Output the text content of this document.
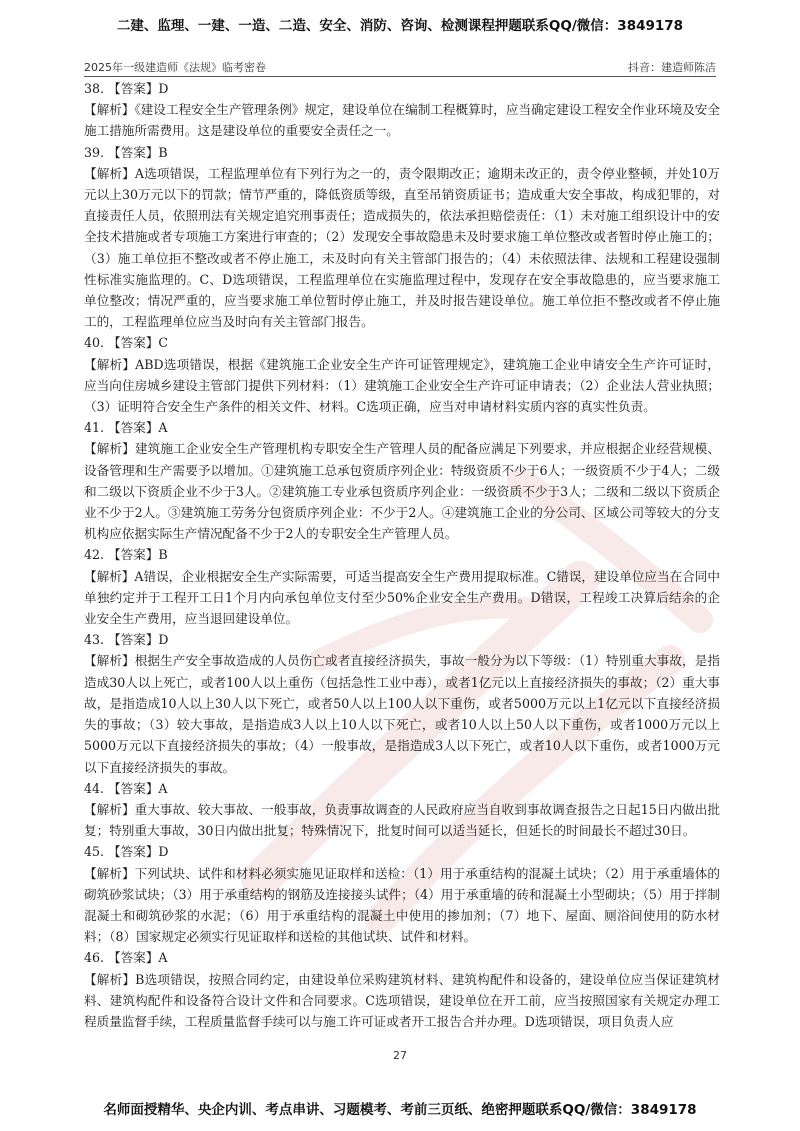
二建、监理、一建、一造、二造、安全、消防、咨询、检测课程押题联系QQ/微信：3849178
2025年一级建造师《法规》临考密卷	抖音：建造师陈洁

38. 【答案】D

【解析】《建设工程安全生产管理条例》规定，建设单位在编制工程概算时，应当确定建设工程安全作业环境及安全施工措施所需费用。这是建设单位的重要安全责任之一。

39. 【答案】B

【解析】A选项错误，工程监理单位有下列行为之一的，责令限期改正；逾期未改正的，责令停业整顿，并处10万元以上30万元以下的罚款；情节严重的，降低资质等级，直至吊销资质证书；造成重大安全事故，构成犯罪的，对直接责任人员，依照刑法有关规定追究刑事责任；造成损失的，依法承担赔偿责任：（1）未对施工组织设计中的安全技术措施或者专项施工方案进行审查的；（2）发现安全事故隐患未及时要求施工单位整改或者暂时停止施工的；（3）施工单位拒不整改或者不停止施工，未及时向有关主管部门报告的；（4）未依照法律、法规和工程建设强制性标准实施监理的。C、D选项错误，工程监理单位在实施监理过程中，发现存在安全事故隐患的，应当要求施工单位整改；情况严重的，应当要求施工单位暂时停止施工，并及时报告建设单位。施工单位拒不整改或者不停止施工的，工程监理单位应当及时向有关主管部门报告。

40. 【答案】C

【解析】ABD选项错误，根据《建筑施工企业安全生产许可证管理规定》，建筑施工企业申请安全生产许可证时，应当向住房城乡建设主管部门提供下列材料：（1）建筑施工企业安全生产许可证申请表；（2）企业法人营业执照；（3）证明符合安全生产条件的相关文件、材料。C选项正确，应当对申请材料实质内容的真实性负责。

41. 【答案】A

【解析】建筑施工企业安全生产管理机构专职安全生产管理人员的配备应满足下列要求，并应根据企业经营规模、设备管理和生产需要予以增加。①建筑施工总承包资质序列企业：特级资质不少于6人；一级资质不少于4人；二级和二级以下资质企业不少于3人。②建筑施工专业承包资质序列企业：一级资质不少于3人；二级和二级以下资质企业不少于2人。③建筑施工劳务分包资质序列企业：不少于2人。④建筑施工企业的分公司、区域公司等较大的分支机构应依据实际生产情况配备不少于2人的专职安全生产管理人员。

42. 【答案】B

【解析】A错误，企业根据安全生产实际需要，可适当提高安全生产费用提取标准。C错误，建设单位应当在合同中单独约定并于工程开工日1个月内向承包单位支付至少50%企业安全生产费用。D错误，工程竣工决算后结余的企业安全生产费用，应当退回建设单位。

43. 【答案】D

【解析】根据生产安全事故造成的人员伤亡或者直接经济损失，事故一般分为以下等级：（1）特别重大事故，是指造成30人以上死亡，或者100人以上重伤（包括急性工业中毒），或者1亿元以上直接经济损失的事故；（2）重大事故，是指造成10人以上30人以下死亡，或者50人以上100人以下重伤，或者5000万元以上1亿元以下直接经济损失的事故；（3）较大事故，是指造成3人以上10人以下死亡，或者10人以上50人以下重伤，或者1000万元以上5000万元以下直接经济损失的事故；（4）一般事故，是指造成3人以下死亡，或者10人以下重伤，或者1000万元以下直接经济损失的事故。

44. 【答案】A

【解析】重大事故、较大事故、一般事故，负责事故调查的人民政府应当自收到事故调查报告之日起15日内做出批复；特别重大事故，30日内做出批复；特殊情况下，批复时间可以适当延长，但延长的时间最长不超过30日。

45. 【答案】D

【解析】下列试块、试件和材料必须实施见证取样和送检：（1）用于承重结构的混凝土试块；（2）用于承重墙体的砌筑砂浆试块；（3）用于承重结构的钢筋及连接接头试件；（4）用于承重墙的砖和混凝土小型砌块；（5）用于拌制混凝土和砌筑砂浆的水泥；（6）用于承重结构的混凝土中使用的掺加剂；（7）地下、屋面、厕浴间使用的防水材料；（8）国家规定必须实行见证取样和送检的其他试块、试件和材料。

46. 【答案】A

【解析】B选项错误，按照合同约定，由建设单位采购建筑材料、建筑构配件和设备的，建设单位应当保证建筑材料、建筑构配件和设备符合设计文件和合同要求。C选项错误，建设单位在开工前，应当按照国家有关规定办理工程质量监督手续，工程质量监督手续可以与施工许可证或者开工报告合并办理。D选项错误，项目负责人应

27
名师面授精华、央企内训、考点串讲、习题模考、考前三页纸、绝密押题联系QQ/微信：3849178
